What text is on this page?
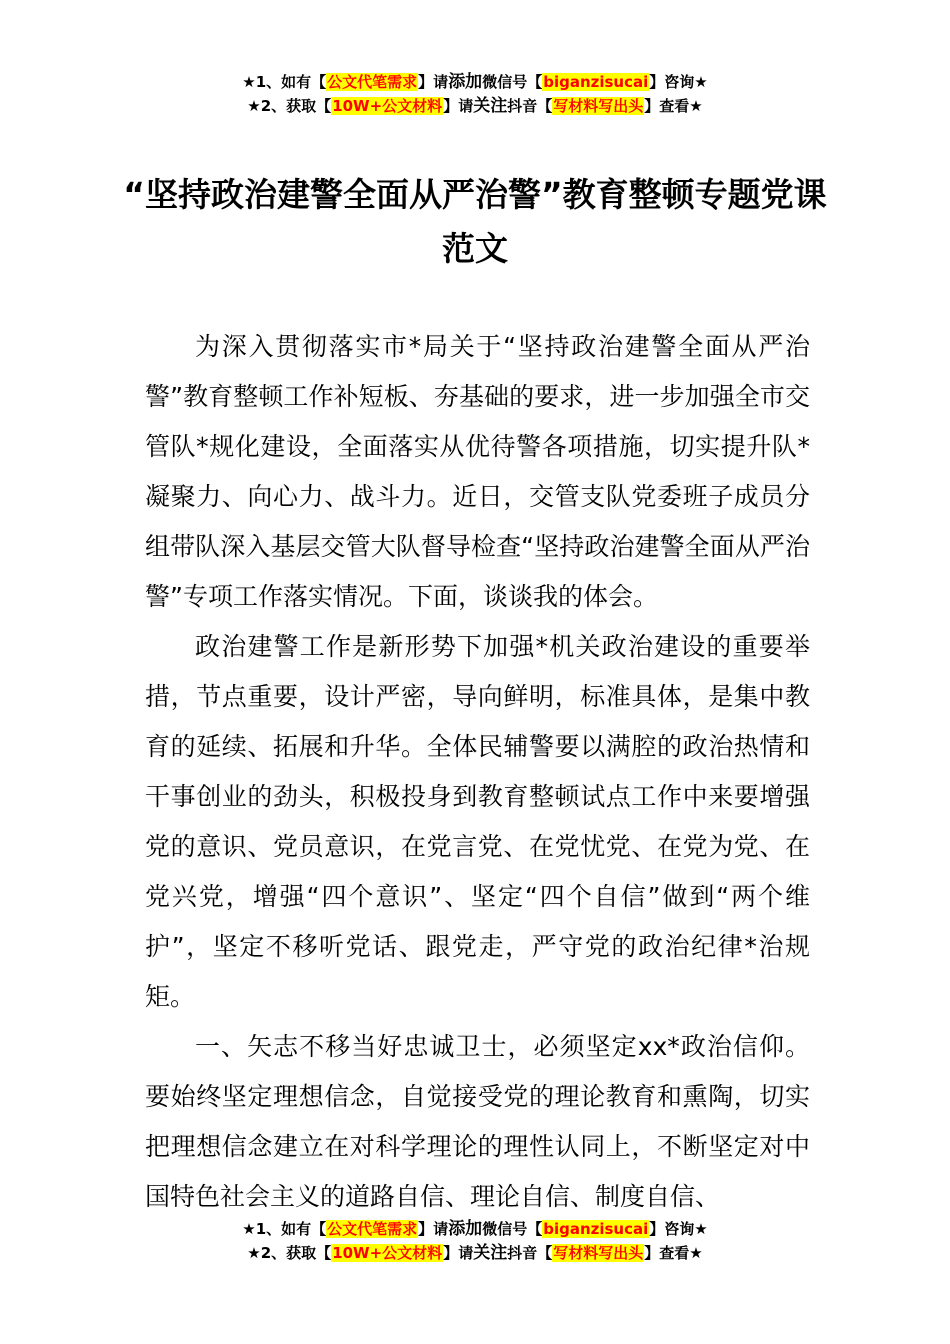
★1、如有【公文代笔需求】请添加微信号【biganzisucai】咨询★
★2、获取【10W+公文材料】请关注抖音【写材料写出头】查看★
“坚持政治建警全面从严治警”教育整顿专题党课范文

为深入贯彻落实市*局关于“坚持政治建警全面从严治警”教育整顿工作补短板、夯基础的要求，进一步加强全市交管队*规化建设，全面落实从优待警各项措施，切实提升队*凝聚力、向心力、战斗力。近日，交管支队党委班子成员分组带队深入基层交管大队督导检查“坚持政治建警全面从严治警”专项工作落实情况。下面，谈谈我的体会。

政治建警工作是新形势下加强*机关政治建设的重要举措，节点重要，设计严密，导向鲜明，标准具体，是集中教育的延续、拓展和升华。全体民辅警要以满腔的政治热情和干事创业的劲头，积极投身到教育整顿试点工作中来要增强党的意识、党员意识，在党言党、在党忧党、在党为党、在党兴党，增强“四个意识”、坚定“四个自信”做到“两个维护”，坚定不移听党话、跟党走，严守党的政治纪律*治规矩。

一、矢志不移当好忠诚卫士，必须坚定xx*政治信仰。要始终坚定理想信念，自觉接受党的理论教育和熏陶，切实把理想信念建立在对科学理论的理性认同上，不断坚定对中国特色社会主义的道路自信、理论自信、制度自信、

★1、如有【公文代笔需求】请添加微信号【biganzisucai】咨询★
★2、获取【10W+公文材料】请关注抖音【写材料写出头】查看★
